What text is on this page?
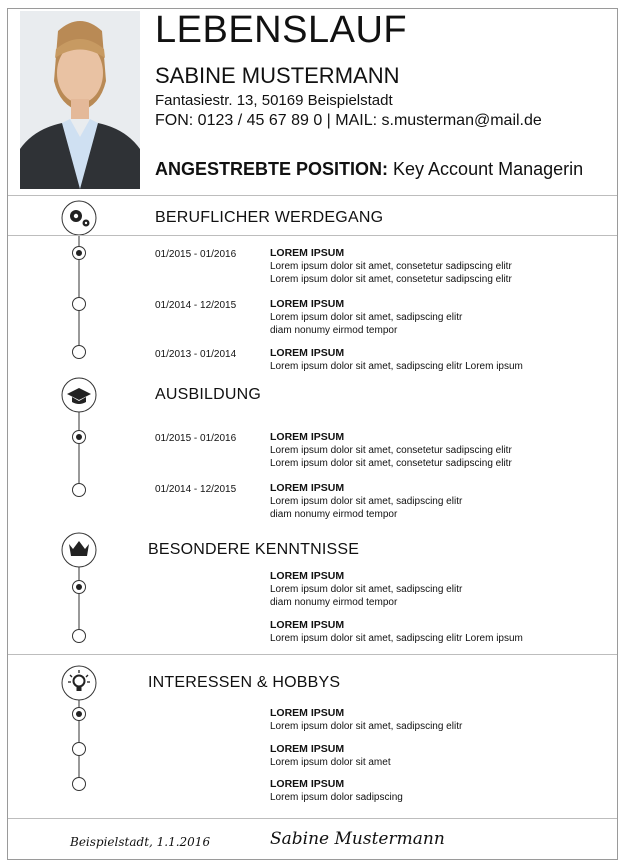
LEBENSLAUF
SABINE MUSTERMANN
Fantasiestr. 13, 50169 Beispielstadt
FON: 0123 / 45 67 89 0 | MAIL: s.musterman@mail.de
ANGESTREBTE POSITION: Key Account Managerin
BERUFLICHER WERDEGANG
01/2015 - 01/2016	LOREM IPSUM
Lorem ipsum dolor sit amet, consetetur sadipscing elitr
Lorem ipsum dolor sit amet, consetetur sadipscing elitr
01/2014 - 12/2015	LOREM IPSUM
Lorem ipsum dolor sit amet, sadipscing elitr
diam nonumy eirmod tempor
01/2013 - 01/2014	LOREM IPSUM
Lorem ipsum dolor sit amet, sadipscing elitr Lorem ipsum
AUSBILDUNG
01/2015 - 01/2016	LOREM IPSUM
Lorem ipsum dolor sit amet, consetetur sadipscing elitr
Lorem ipsum dolor sit amet, consetetur sadipscing elitr
01/2014 - 12/2015	LOREM IPSUM
Lorem ipsum dolor sit amet, sadipscing elitr
diam nonumy eirmod tempor
BESONDERE KENNTNISSE
LOREM IPSUM
Lorem ipsum dolor sit amet, sadipscing elitr
diam nonumy eirmod tempor
LOREM IPSUM
Lorem ipsum dolor sit amet, sadipscing elitr Lorem ipsum
INTERESSEN & HOBBYS
LOREM IPSUM
Lorem ipsum dolor sit amet, sadipscing elitr
LOREM IPSUM
Lorem ipsum dolor sit amet
LOREM IPSUM
Lorem ipsum dolor sadipscing
Beispielstadt, 1.1.2016	Sabine Mustermann
